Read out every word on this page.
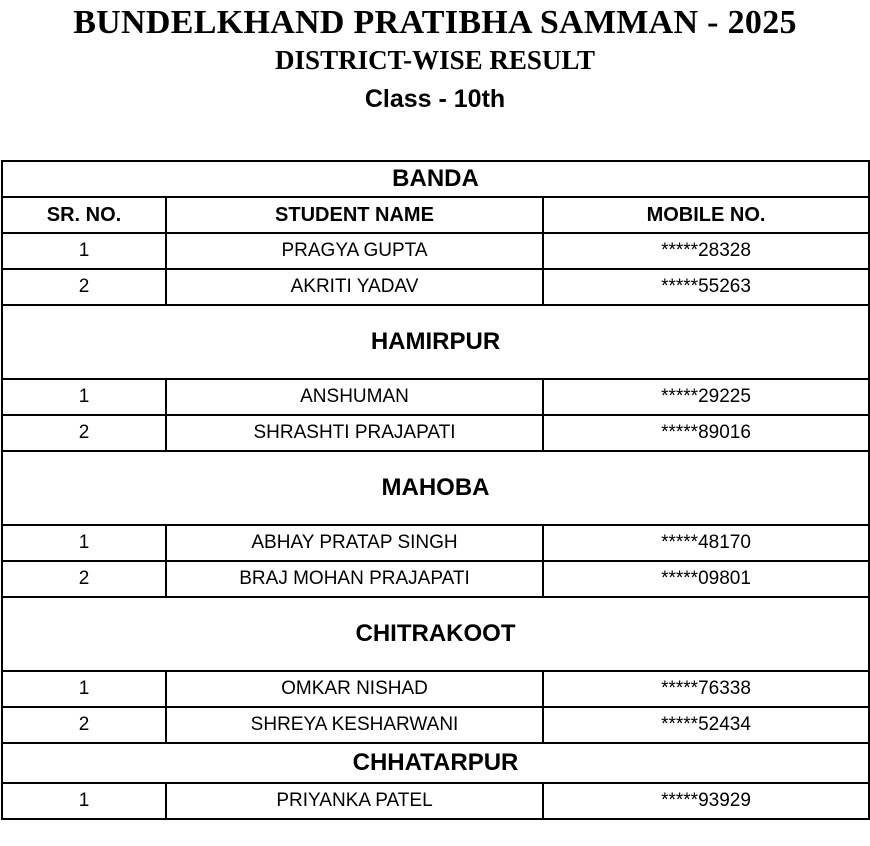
BUNDELKHAND PRATIBHA SAMMAN - 2025
DISTRICT-WISE RESULT
Class - 10th
BANDA		
SR. NO.	STUDENT NAME	MOBILE NO.
1	PRAGYA GUPTA	*****28328
2	AKRITI YADAV	*****55263
HAMIRPUR		
1	ANSHUMAN	*****29225
2	SHRASHTI PRAJAPATI	*****89016
MAHOBA		
1	ABHAY PRATAP SINGH	*****48170
2	BRAJ MOHAN PRAJAPATI	*****09801
CHITRAKOOT		
1	OMKAR NISHAD	*****76338
2	SHREYA KESHARWANI	*****52434
CHHATARPUR		
1	PRIYANKA PATEL	*****93929
